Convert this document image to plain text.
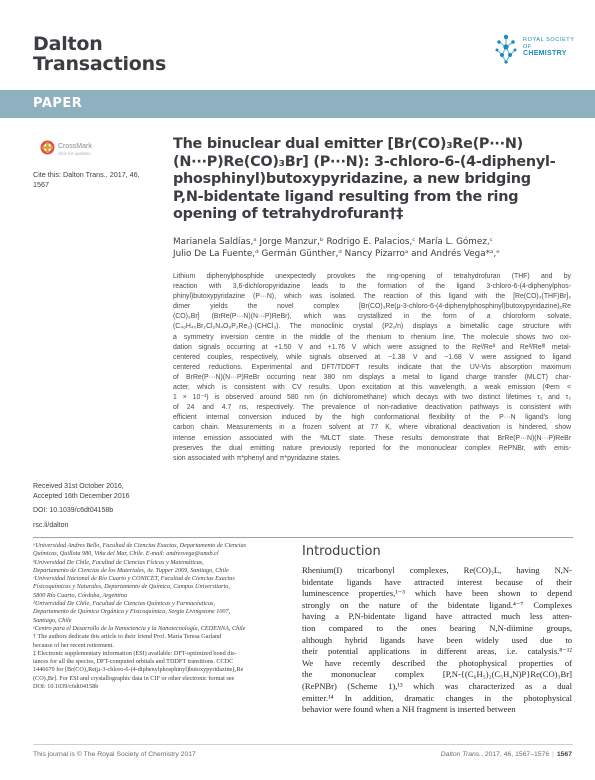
Dalton
Transactions
ROYAL SOCIETY OF
CHEMISTRY
PAPER
CrossMark
click for updates
Cite this: Dalton Trans., 2017, 46, 1567
Received 31st October 2016,
Accepted 16th December 2016
DOI: 10.1039/c6dt04158b
rsc.li/dalton
The binuclear dual emitter [Br(CO)₃Re(P···N)
(N···P)Re(CO)₃Br] (P···N): 3-chloro-6-(4-diphenyl-
phosphinyl)butoxypyridazine, a new bridging
P,N-bidentate ligand resulting from the ring
opening of tetrahydrofuran†‡
Marianela Saldías,ᵃ Jorge Manzur,ᵇ Rodrigo E. Palacios,ᶜ María L. Gómez,ᶜ
Julio De La Fuente,ᵈ Germán Günther,ᵈ Nancy Pizarroᵃ and Andrés Vega*ᵃ,ᵉ
Lithium diphenylphosphide unexpectedly provokes the ring-opening of tetrahydrofuran (THF) and by
reaction with 3,6-dichloropyridazine leads to the formation of the ligand 3-chloro-6-(4-diphenylphos-
phinyl)butoxypyridazine (P···N), which was isolated. The reaction of this ligand with the [Re(CO)₃(THF)Br]₂
dimer yields the novel complex [Br(CO)₃Re(μ-3-chloro-6-(4-diphenylphosphinyl)butoxypyridazine)₂Re
(CO)₃Br] (BrRe(P···N)(N···P)ReBr), which was crystallized in the form of a chloroform solvate,
(C₄₆H₄₀Br₂Cl₂N₄O₈P₂Re₂)·(CHCl₃). The monoclinic crystal (P2₁/n) displays a bimetallic cage structure with
a symmetry inversion centre in the middle of the rhenium to rhenium line. The molecule shows two oxi-
dation signals occurring at +1.50 V and +1.76 V which were assigned to the Reᴵ/Reᴵᴵ and Reᴵᴵ/Reᴵᴵᴵ metal-
centered couples, respectively, while signals observed at −1.38 V and −1.68 V were assigned to ligand
centered reductions. Experimental and DFT/TDDFT results indicate that the UV-Vis absorption maximum
of BrRe(P···N)(N···P)ReBr occurring near 380 nm displays a metal to ligand charge transfer (MLCT) char-
acter, which is consistent with CV results. Upon excitation at this wavelength, a weak emission (Φem <
1 × 10⁻³) is observed around 580 nm (in dichloromethane) which decays with two distinct lifetimes τ₁ and τ₂
of 24 and 4.7 ns, respectively. The prevalence of non-radiative deactivation pathways is consistent with
efficient internal conversion induced by the high conformational flexibility of the P···N ligand's long
carbon chain. Measurements in a frozen solvent at 77 K, where vibrational deactivation is hindered, show
intense emission associated with the ³MLCT state. These results demonstrate that BrRe(P···N)(N···P)ReBr
preserves the dual emitting nature previously reported for the mononuclear complex RePNBr, with emis-
sion associated with π*phenyl and π*pyridazine states.
ᵃUniversidad Andres Bello, Facultad de Ciencias Exactas, Departamento de Ciencias
Químicas, Quillota 980, Viña del Mar, Chile. E-mail: andresvega@unab.cl
ᵇUniversidad De Chile, Facultad de Ciencias Físicas y Matemáticas,
Departamento de Ciencias de los Materiales, Av. Tupper 2069, Santiago, Chile
ᶜUniversidad Nacional de Río Cuarto y CONICET, Facultad de Ciencias Exactas
Físicoquímicas y Naturales, Departamento de Química, Campus Universitario,
5800 Río Cuarto, Córdoba, Argentina
ᵈUniversidad De Chile, Facultad de Ciencias Químicas y Farmacéuticas,
Departamento de Química Orgánica y Fisicoquímica, Sergio Livingstone 1007,
Santiago, Chile
ᵉCentro para el Desarrollo de la Nanociencia y la Nanotecnología, CEDENNA, Chile
† The authors dedicate this article to their friend Prof. María Teresa Garland
because of her recent retirement.
‡ Electronic supplementary information (ESI) available: DFT-optimized bond dis-
tances for all the species, DFT-computed orbitals and TDDFT transitions. CCDC
1446679 for [Br(CO)₃Re(μ-3-chloro-6-(4-diphenylphosphinyl)butoxypyridazine)₂Re
(CO)₃Br]. For ESI and crystallographic data in CIF or other electronic format see
DOI: 10.1039/c6dt04158b
Introduction
Rhenium(I) tricarbonyl complexes, Re(CO)₃L, having N,N-
bidentate ligands have attracted interest because of their
luminescence properties,¹⁻³ which have been shown to depend
strongly on the nature of the bidentate ligand.⁴⁻⁷ Complexes
having a P,N-bidentate ligand have attracted much less atten-
tion compared to the ones bearing N,N-diimine groups,
although hybrid ligands have been widely used due to
their potential applications in different areas, i.e. catalysis.⁸⁻¹²
We have recently described the photophysical properties of
the mononuclear complex [P,N-{(C₆H₅)₂(C₅H₄N)P}Re(CO)₃Br]
(RePNBr) (Scheme 1),¹³ which was characterized as a dual
emitter.¹⁴ In addition, dramatic changes in the photophysical
behavior were found when a NH fragment is inserted between
This journal is © The Royal Society of Chemistry 2017	Dalton Trans., 2017, 46, 1567–1576 | 1567
